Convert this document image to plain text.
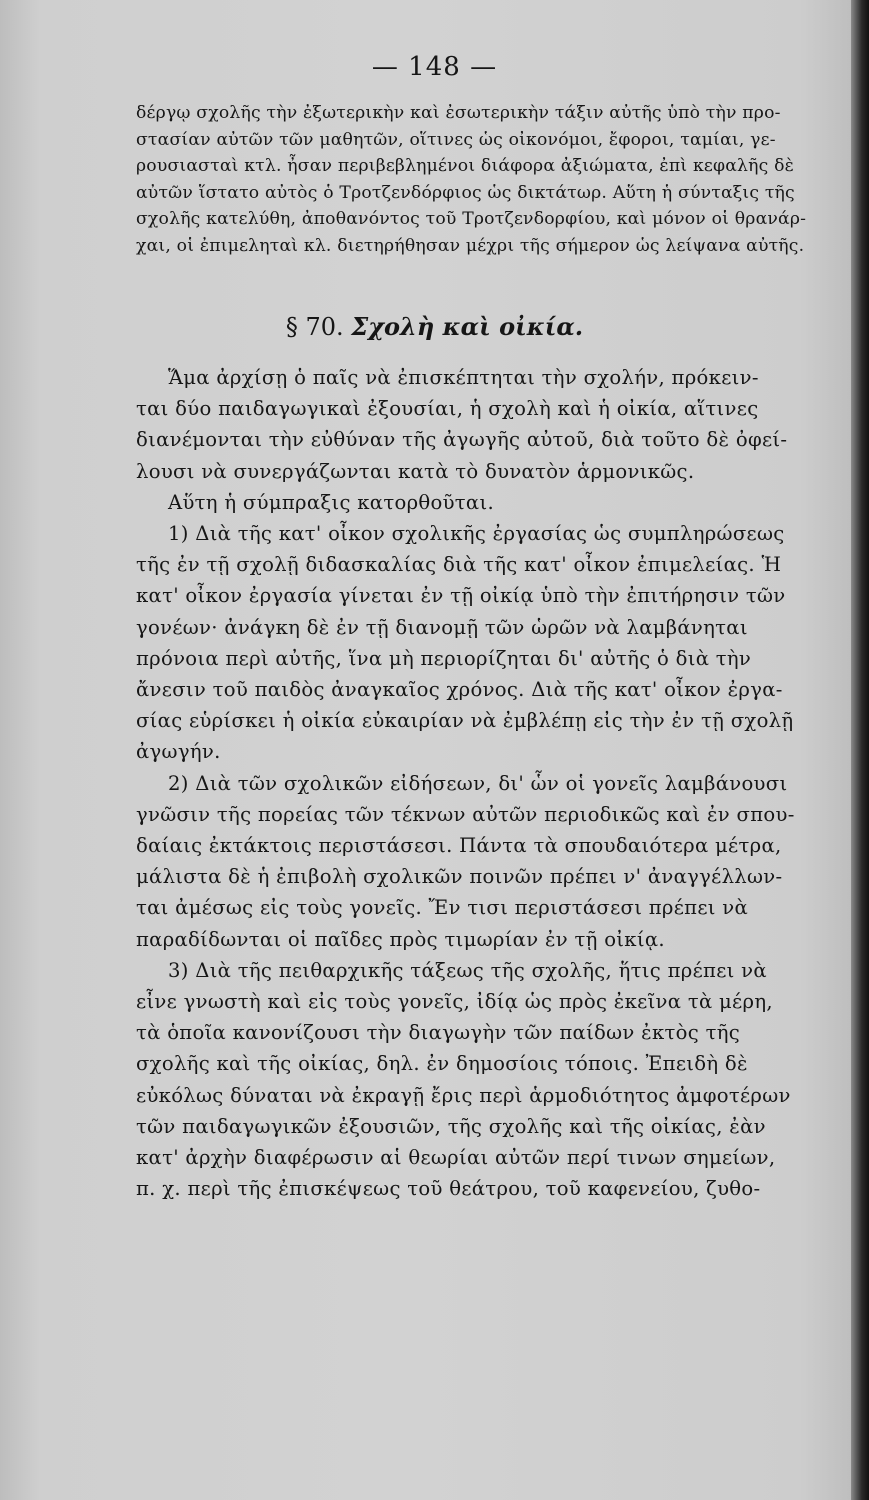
— 148 —

δέργῳ σχολῆς τὴν ἐξωτερικὴν καὶ ἐσωτερικὴν τάξιν αὐτῆς ὑπὸ τὴν προ-

στασίαν αὐτῶν τῶν μαθητῶν, οἵτινες ὡς οἰκονόμοι, ἔφοροι, ταμίαι, γε-

ρουσιασταὶ κτλ. ἦσαν περιβεβλημένοι διάφορα ἀξιώματα, ἐπὶ κεφαλῆς δὲ

αὐτῶν ἵστατο αὐτὸς ὁ Τροτζενδόρφιος ὡς δικτάτωρ. Αὕτη ἡ σύνταξις τῆς

σχολῆς κατελύθη, ἀποθανόντος τοῦ Τροτζενδορφίου, καὶ μόνον οἱ θρανάρ-

χαι, οἱ ἐπιμεληταὶ κλ. διετηρήθησαν μέχρι τῆς σήμερον ὡς λείψανα αὐτῆς.

§ 70. Σχολὴ καὶ οἰκία.

Ἅμα ἀρχίσῃ ὁ παῖς νὰ ἐπισκέπτηται τὴν σχολήν, πρόκειν-

ται δύο παιδαγωγικαὶ ἐξουσίαι, ἡ σχολὴ καὶ ἡ οἰκία, αἵτινες

διανέμονται τὴν εὐθύναν τῆς ἀγωγῆς αὐτοῦ, διὰ τοῦτο δὲ ὀφεί-

λουσι νὰ συνεργάζωνται κατὰ τὸ δυνατὸν ἁρμονικῶς.

Αὕτη ἡ σύμπραξις κατορθοῦται.

1) Διὰ τῆς κατ' οἶκον σχολικῆς ἐργασίας ὡς συμπληρώσεως

τῆς ἐν τῇ σχολῇ διδασκαλίας διὰ τῆς κατ' οἶκον ἐπιμελείας. Ἡ

κατ' οἶκον ἐργασία γίνεται ἐν τῇ οἰκίᾳ ὑπὸ τὴν ἐπιτήρησιν τῶν

γονέων· ἀνάγκη δὲ ἐν τῇ διανομῇ τῶν ὡρῶν νὰ λαμβάνηται

πρόνοια περὶ αὐτῆς, ἵνα μὴ περιορίζηται δι' αὐτῆς ὁ διὰ τὴν

ἄνεσιν τοῦ παιδὸς ἀναγκαῖος χρόνος. Διὰ τῆς κατ' οἶκον ἐργα-

σίας εὑρίσκει ἡ οἰκία εὐκαιρίαν νὰ ἐμβλέπῃ εἰς τὴν ἐν τῇ σχολῇ

ἀγωγήν.

2) Διὰ τῶν σχολικῶν εἰδήσεων, δι' ὧν οἱ γονεῖς λαμβάνουσι

γνῶσιν τῆς πορείας τῶν τέκνων αὐτῶν περιοδικῶς καὶ ἐν σπου-

δαίαις ἐκτάκτοις περιστάσεσι. Πάντα τὰ σπουδαιότερα μέτρα,

μάλιστα δὲ ἡ ἐπιβολὴ σχολικῶν ποινῶν πρέπει ν' ἀναγγέλλων-

ται ἀμέσως εἰς τοὺς γονεῖς. Ἔν τισι περιστάσεσι πρέπει νὰ

παραδίδωνται οἱ παῖδες πρὸς τιμωρίαν ἐν τῇ οἰκίᾳ.

3) Διὰ τῆς πειθαρχικῆς τάξεως τῆς σχολῆς, ἥτις πρέπει νὰ

εἶνε γνωστὴ καὶ εἰς τοὺς γονεῖς, ἰδίᾳ ὡς πρὸς ἐκεῖνα τὰ μέρη,

τὰ ὁποῖα κανονίζουσι τὴν διαγωγὴν τῶν παίδων ἐκτὸς τῆς

σχολῆς καὶ τῆς οἰκίας, δηλ. ἐν δημοσίοις τόποις. Ἐπειδὴ δὲ

εὐκόλως δύναται νὰ ἐκραγῇ ἔρις περὶ ἁρμοδιότητος ἀμφοτέρων

τῶν παιδαγωγικῶν ἐξουσιῶν, τῆς σχολῆς καὶ τῆς οἰκίας, ἐὰν

κατ' ἀρχὴν διαφέρωσιν αἱ θεωρίαι αὐτῶν περί τινων σημείων,

π. χ. περὶ τῆς ἐπισκέψεως τοῦ θεάτρου, τοῦ καφενείου, ζυθο-
